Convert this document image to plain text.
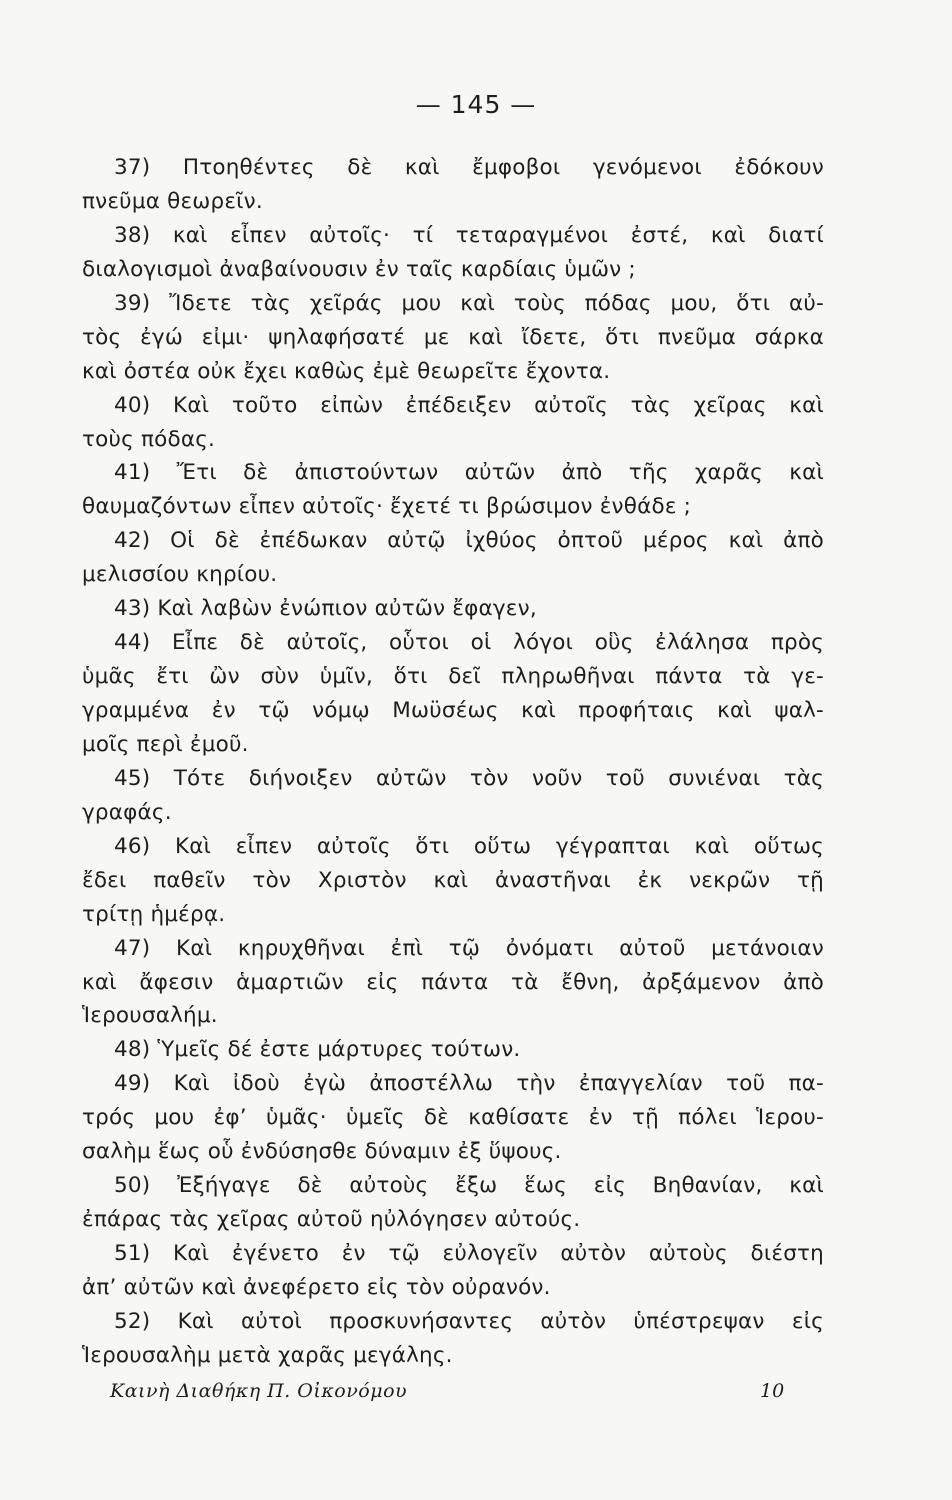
— 145 —
37) Πτοηθέντες δὲ καὶ ἔμφοβοι γενόμενοι ἐδόκουν
πνεῦμα θεωρεῖν.
38) καὶ εἶπεν αὐτοῖς· τί τεταραγμένοι ἐστέ, καὶ διατί
διαλογισμοὶ ἀναβαίνουσιν ἐν ταῖς καρδίαις ὑμῶν ;
39) Ἴδετε τὰς χεῖράς μου καὶ τοὺς πόδας μου, ὅτι αὐ-
τὸς ἐγώ εἰμι· ψηλαφήσατέ με καὶ ἴδετε, ὅτι πνεῦμα σάρκα
καὶ ὀστέα οὐκ ἔχει καθὼς ἐμὲ θεωρεῖτε ἔχοντα.
40) Καὶ τοῦτο εἰπὼν ἐπέδειξεν αὐτοῖς τὰς χεῖρας καὶ
τοὺς πόδας.
41) Ἔτι δὲ ἀπιστούντων αὐτῶν ἀπὸ τῆς χαρᾶς καὶ
θαυμαζόντων εἶπεν αὐτοῖς· ἔχετέ τι βρώσιμον ἐνθάδε ;
42) Οἱ δὲ ἐπέδωκαν αὐτῷ ἰχθύος ὀπτοῦ μέρος καὶ ἀπὸ
μελισσίου κηρίου.
43) Καὶ λαβὼν ἐνώπιον αὐτῶν ἔφαγεν,
44) Εἶπε δὲ αὐτοῖς, οὗτοι οἱ λόγοι οὓς ἐλάλησα πρὸς
ὑμᾶς ἔτι ὢν σὺν ὑμῖν, ὅτι δεῖ πληρωθῆναι πάντα τὰ γε-
γραμμένα ἐν τῷ νόμῳ Μωϋσέως καὶ προφήταις καὶ ψαλ-
μοῖς περὶ ἐμοῦ.
45) Τότε διήνοιξεν αὐτῶν τὸν νοῦν τοῦ συνιέναι τὰς
γραφάς.
46) Καὶ εἶπεν αὐτοῖς ὅτι οὕτω γέγραπται καὶ οὕτως
ἔδει παθεῖν τὸν Χριστὸν καὶ ἀναστῆναι ἐκ νεκρῶν τῇ
τρίτῃ ἡμέρᾳ.
47) Καὶ κηρυχθῆναι ἐπὶ τῷ ὀνόματι αὐτοῦ μετάνοιαν
καὶ ἄφεσιν ἁμαρτιῶν εἰς πάντα τὰ ἔθνη, ἀρξάμενον ἀπὸ
Ἱερουσαλήμ.
48) Ὑμεῖς δέ ἐστε μάρτυρες τούτων.
49) Καὶ ἰδοὺ ἐγὼ ἀποστέλλω τὴν ἐπαγγελίαν τοῦ πα-
τρός μου ἐφ’ ὑμᾶς· ὑμεῖς δὲ καθίσατε ἐν τῇ πόλει Ἱερου-
σαλὴμ ἕως οὗ ἐνδύσησθε δύναμιν ἐξ ὕψους.
50) Ἐξήγαγε δὲ αὐτοὺς ἔξω ἕως εἰς Βηθανίαν, καὶ
ἐπάρας τὰς χεῖρας αὐτοῦ ηὐλόγησεν αὐτούς.
51) Καὶ ἐγένετο ἐν τῷ εὐλογεῖν αὐτὸν αὐτοὺς διέστη
ἀπ’ αὐτῶν καὶ ἀνεφέρετο εἰς τὸν οὐρανόν.
52) Καὶ αὐτοὶ προσκυνήσαντες αὐτὸν ὑπέστρεψαν εἰς
Ἱερουσαλὴμ μετὰ χαρᾶς μεγάλης.
Καινὴ Διαθήκη Π. Οἰκονόμου	10
